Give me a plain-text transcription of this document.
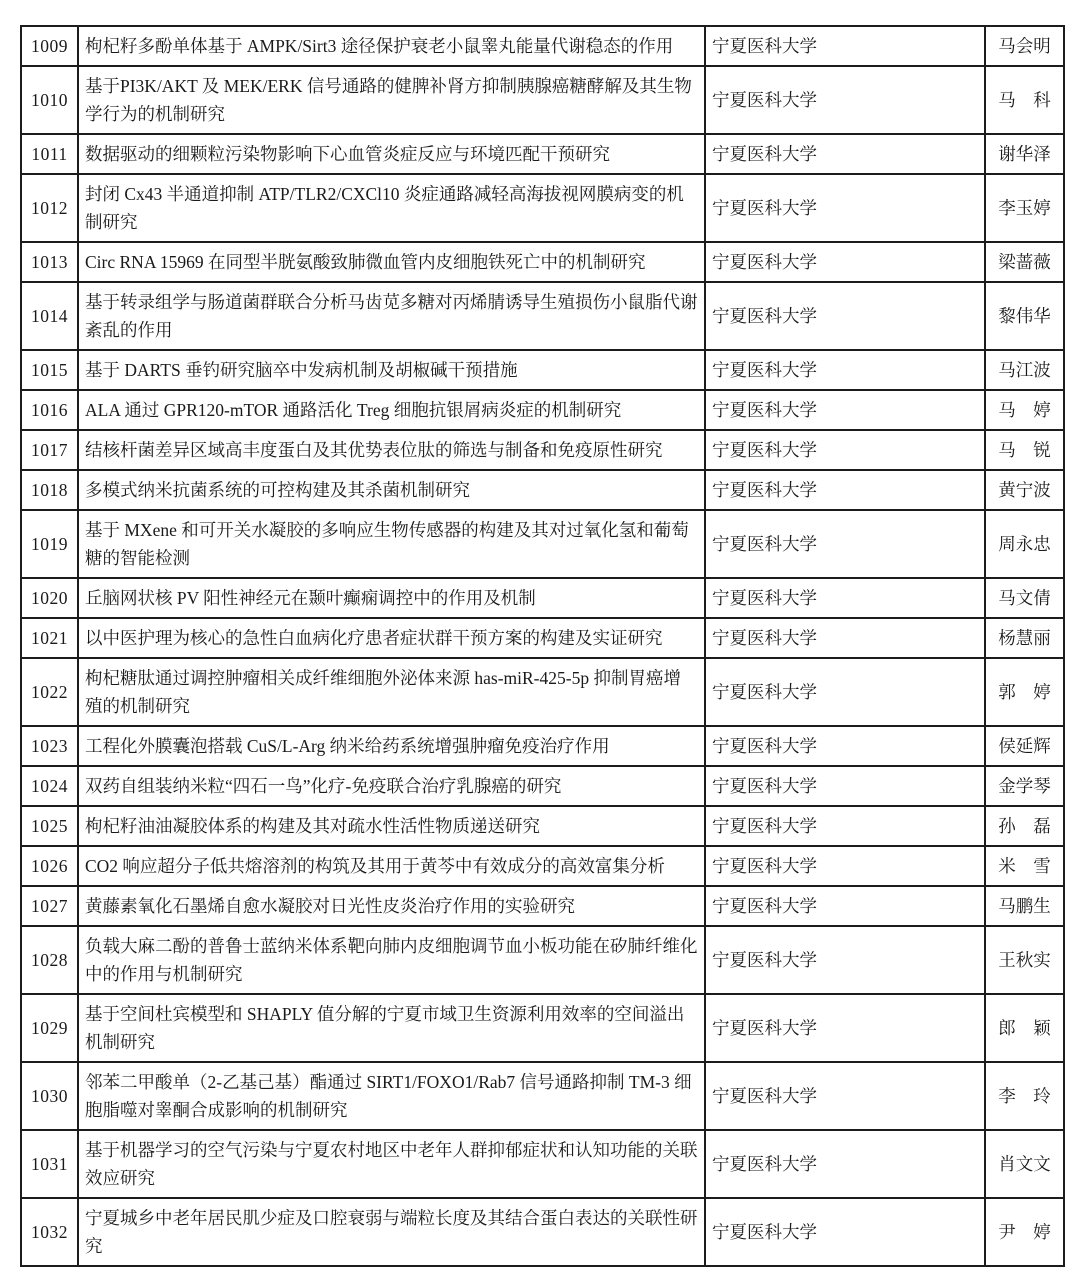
1009	枸杞籽多酚单体基于 AMPK/Sirt3 途径保护衰老小鼠睾丸能量代谢稳态的作用	宁夏医科大学	马会明
1010	基于PI3K/AKT 及 MEK/ERK 信号通路的健脾补肾方抑制胰腺癌糖酵解及其生物学行为的机制研究	宁夏医科大学	马　科
1011	数据驱动的细颗粒污染物影响下心血管炎症反应与环境匹配干预研究	宁夏医科大学	谢华泽
1012	封闭 Cx43 半通道抑制 ATP/TLR2/CXCl10 炎症通路减轻高海拔视网膜病变的机制研究	宁夏医科大学	李玉婷
1013	Circ RNA 15969 在同型半胱氨酸致肺微血管内皮细胞铁死亡中的机制研究	宁夏医科大学	梁蔷薇
1014	基于转录组学与肠道菌群联合分析马齿苋多糖对丙烯腈诱导生殖损伤小鼠脂代谢紊乱的作用	宁夏医科大学	黎伟华
1015	基于 DARTS 垂钓研究脑卒中发病机制及胡椒碱干预措施	宁夏医科大学	马江波
1016	ALA 通过 GPR120-mTOR 通路活化 Treg 细胞抗银屑病炎症的机制研究	宁夏医科大学	马　婷
1017	结核杆菌差异区域高丰度蛋白及其优势表位肽的筛选与制备和免疫原性研究	宁夏医科大学	马　锐
1018	多模式纳米抗菌系统的可控构建及其杀菌机制研究	宁夏医科大学	黄宁波
1019	基于 MXene 和可开关水凝胶的多响应生物传感器的构建及其对过氧化氢和葡萄糖的智能检测	宁夏医科大学	周永忠
1020	丘脑网状核 PV 阳性神经元在颞叶癫痫调控中的作用及机制	宁夏医科大学	马文倩
1021	以中医护理为核心的急性白血病化疗患者症状群干预方案的构建及实证研究	宁夏医科大学	杨慧丽
1022	枸杞糖肽通过调控肿瘤相关成纤维细胞外泌体来源 has-miR-425-5p 抑制胃癌增殖的机制研究	宁夏医科大学	郭　婷
1023	工程化外膜囊泡搭载 CuS/L-Arg 纳米给药系统增强肿瘤免疫治疗作用	宁夏医科大学	侯延辉
1024	双药自组装纳米粒“四石一鸟”化疗-免疫联合治疗乳腺癌的研究	宁夏医科大学	金学琴
1025	枸杞籽油油凝胶体系的构建及其对疏水性活性物质递送研究	宁夏医科大学	孙　磊
1026	CO2 响应超分子低共熔溶剂的构筑及其用于黄芩中有效成分的高效富集分析	宁夏医科大学	米　雪
1027	黄藤素氧化石墨烯自愈水凝胶对日光性皮炎治疗作用的实验研究	宁夏医科大学	马鹏生
1028	负载大麻二酚的普鲁士蓝纳米体系靶向肺内皮细胞调节血小板功能在矽肺纤维化中的作用与机制研究	宁夏医科大学	王秋实
1029	基于空间杜宾模型和 SHAPLY 值分解的宁夏市域卫生资源利用效率的空间溢出机制研究	宁夏医科大学	郎　颖
1030	邻苯二甲酸单（2-乙基己基）酯通过 SIRT1/FOXO1/Rab7 信号通路抑制 TM-3 细胞脂噬对睾酮合成影响的机制研究	宁夏医科大学	李　玲
1031	基于机器学习的空气污染与宁夏农村地区中老年人群抑郁症状和认知功能的关联效应研究	宁夏医科大学	肖文文
1032	宁夏城乡中老年居民肌少症及口腔衰弱与端粒长度及其结合蛋白表达的关联性研究	宁夏医科大学	尹　婷
